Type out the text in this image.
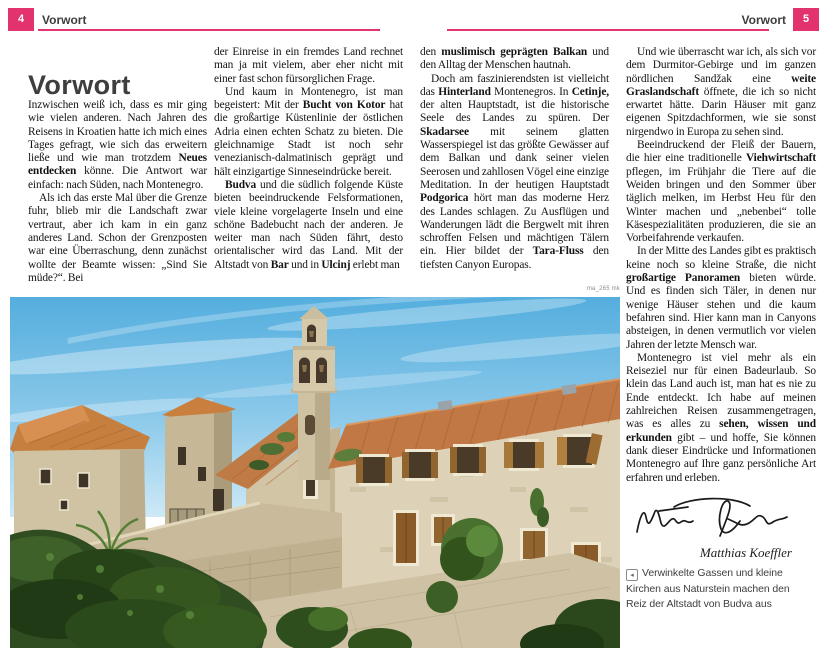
4	Vorwort	Vorwort	5
Vorwort

Inzwischen weiß ich, dass es mir ging wie vielen anderen. Nach Jahren des Reisens in Kroatien hatte ich mich eines Tages gefragt, wie sich das erweitern ließe und wie man trotzdem Neues entdecken könne. Die Antwort war einfach: nach Süden, nach Montenegro.

Als ich das erste Mal über die Grenze fuhr, blieb mir die Landschaft zwar vertraut, aber ich kam in ein ganz anderes Land. Schon der Grenzposten war eine Überraschung, denn zunächst wollte der Beamte wissen: „Sind Sie müde?“. Bei

der Einreise in ein fremdes Land rechnet man ja mit vielem, aber eher nicht mit einer fast schon fürsorglichen Frage.

Und kaum in Montenegro, ist man begeistert: Mit der Bucht von Kotor hat die großartige Küstenlinie der östlichen Adria einen echten Schatz zu bieten. Die gleichnamige Stadt ist noch sehr venezianisch-dalmatinisch geprägt und hält einzigartige Sinneseindrücke bereit.

Budva und die südlich folgende Küste bieten beeindruckende Felsformationen, viele kleine vorgelagerte Inseln und eine schöne Badebucht nach der anderen. Je weiter man nach Süden fährt, desto orientalischer wird das Land. Mit der Altstadt von Bar und in Ulcinj erlebt man

den muslimisch geprägten Balkan und den Alltag der Menschen hautnah.

Doch am faszinierendsten ist vielleicht das Hinterland Montenegros. In Cetinje, der alten Hauptstadt, ist die historische Seele des Landes zu spüren. Der Skadarsee mit seinem glatten Wasserspiegel ist das größte Gewässer auf dem Balkan und dank seiner vielen Seerosen und zahllosen Vögel eine einzige Meditation. In der heutigen Hauptstadt Podgorica hört man das moderne Herz des Landes schlagen. Zu Ausflügen und Wanderungen lädt die Bergwelt mit ihren schroffen Felsen und mächtigen Tälern ein. Hier bildet der Tara-Fluss den tiefsten Canyon Europas.

Und wie überrascht war ich, als sich vor dem Durmitor-Gebirge und im ganzen nördlichen Sandžak eine weite Graslandschaft öffnete, die ich so nicht erwartet hätte. Darin Häuser mit ganz eigenen Spitzdachformen, wie sie sonst nirgendwo in Europa zu sehen sind.

Beeindruckend der Fleiß der Bauern, die hier eine traditionelle Viehwirtschaft pflegen, im Frühjahr die Tiere auf die Weiden bringen und den Sommer über täglich melken, im Herbst Heu für den Winter machen und „nebenbei“ tolle Käsespezialitäten produzieren, die sie an Vorbeifahrende verkaufen.

In der Mitte des Landes gibt es praktisch keine noch so kleine Straße, die nicht großartige Panoramen bieten würde. Und es finden sich Täler, in denen nur wenige Häuser stehen und die kaum befahren sind. Hier kann man in Canyons absteigen, in denen vermutlich vor vielen Jahren der letzte Mensch war.

Montenegro ist viel mehr als ein Reiseziel nur für einen Badeurlaub. So klein das Land auch ist, man hat es nie zu Ende entdeckt. Ich habe auf meinen zahlreichen Reisen zusammengetragen, was es alles zu sehen, wissen und erkunden gibt – und hoffe, Sie können dank dieser Eindrücke und Informationen Montenegro auf Ihre ganz persönliche Art erfahren und erleben.

ma_265 mk
Matthias Koeffler
◂ Verwinkelte Gassen und kleine Kirchen aus Naturstein machen den Reiz der Altstadt von Budva aus
